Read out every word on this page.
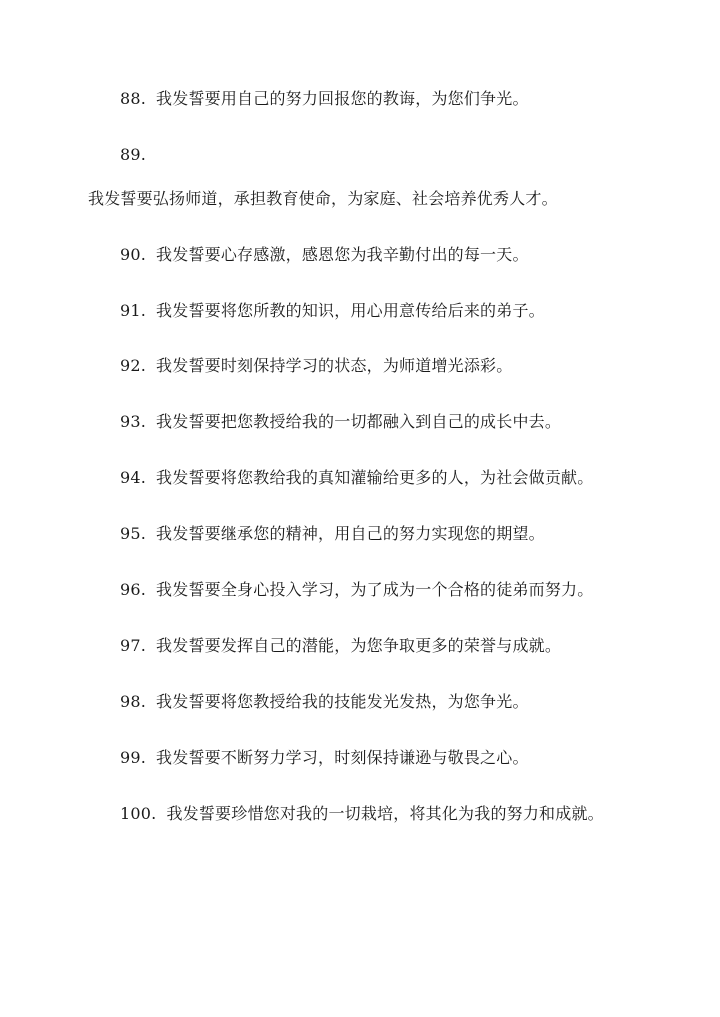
88. 我发誓要用自己的努力回报您的教诲，为您们争光。
89.
我发誓要弘扬师道，承担教育使命，为家庭、社会培养优秀人才。
90. 我发誓要心存感激，感恩您为我辛勤付出的每一天。
91. 我发誓要将您所教的知识，用心用意传给后来的弟子。
92. 我发誓要时刻保持学习的状态，为师道增光添彩。
93. 我发誓要把您教授给我的一切都融入到自己的成长中去。
94. 我发誓要将您教给我的真知灌输给更多的人，为社会做贡献。
95. 我发誓要继承您的精神，用自己的努力实现您的期望。
96. 我发誓要全身心投入学习，为了成为一个合格的徒弟而努力。
97. 我发誓要发挥自己的潜能，为您争取更多的荣誉与成就。
98. 我发誓要将您教授给我的技能发光发热，为您争光。
99. 我发誓要不断努力学习，时刻保持谦逊与敬畏之心。
100. 我发誓要珍惜您对我的一切栽培，将其化为我的努力和成就。
